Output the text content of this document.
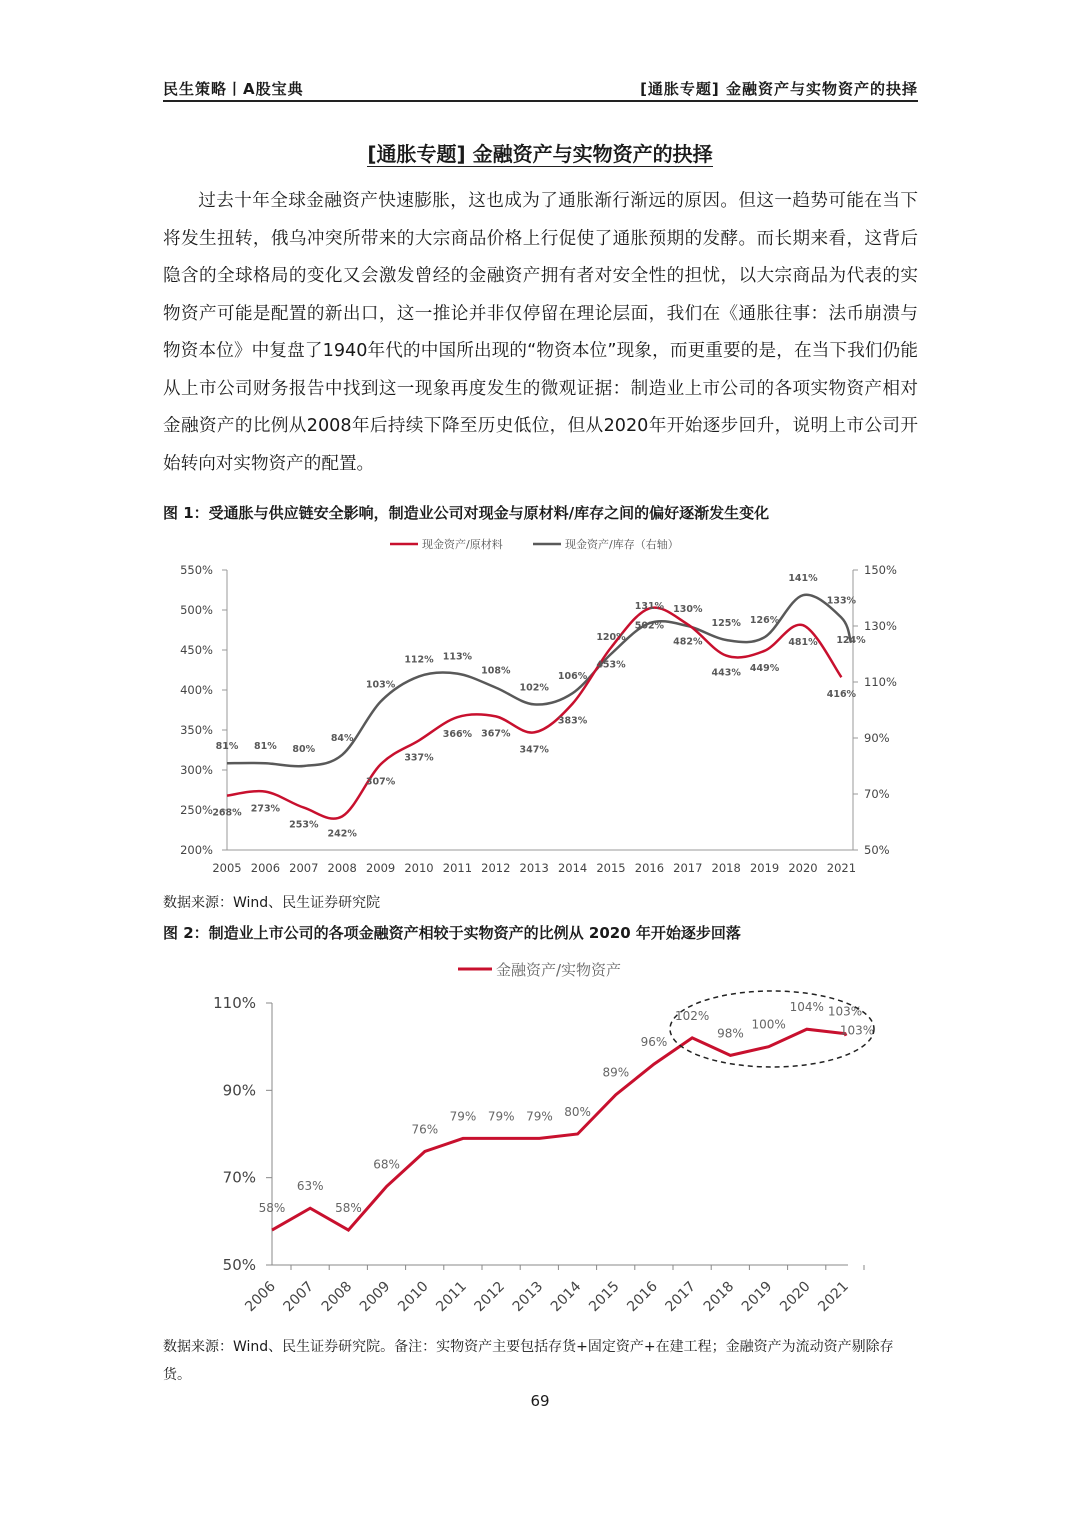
民生策略丨A股宝典	[通胀专题] 金融资产与实物资产的抉择
[通胀专题] 金融资产与实物资产的抉择
过去十年全球金融资产快速膨胀，这也成为了通胀渐行渐远的原因。但这一趋势可能在当下将发生扭转，俄乌冲突所带来的大宗商品价格上行促使了通胀预期的发酵。而长期来看，这背后隐含的全球格局的变化又会激发曾经的金融资产拥有者对安全性的担忧，以大宗商品为代表的实物资产可能是配置的新出口，这一推论并非仅停留在理论层面，我们在《通胀往事：法币崩溃与物资本位》中复盘了1940年代的中国所出现的“物资本位”现象，而更重要的是，在当下我们仍能从上市公司财务报告中找到这一现象再度发生的微观证据：制造业上市公司的各项实物资产相对金融资产的比例从2008年后持续下降至历史低位，但从2020年开始逐步回升，说明上市公司开始转向对实物资产的配置。
图 1：受通胀与供应链安全影响，制造业公司对现金与原材料/库存之间的偏好逐渐发生变化
现金资产/原材料	现金资产/库存（右轴）
200%
250%
300%
350%
400%
450%
500%
550%
50%
70%
90%
110%
130%
150%
2005 2006 2007 2008 2009 2010 2011 2012 2013 2014 2015 2016 2017 2018 2019 2020 2021
81% 81% 80%
84%
103%
112% 113%
108%
102%
106%
120%
131% 130%
125% 126%
141%
133%
124%
268% 273%
253%
242%
307%
337%
366% 367%
347%
383%
453%
502%
482%
443% 449%
481%
416%
数据来源：Wind、民生证券研究院
图 2：制造业上市公司的各项金融资产相较于实物资产的比例从 2020 年开始逐步回落
金融资产/实物资产
50%
70%
90%
110%
2006 2007 2008 2009 2010 2011 2012 2013 2014 2015 2016 2017 2018 2019 2020 2021
58%
63%
58%
68%
76%
79% 79% 79% 80%
89%
96%
102%
98%
100%
104% 103%
103%
数据来源：Wind、民生证券研究院。备注：实物资产主要包括存货+固定资产+在建工程；金融资产为流动资产剔除存货。
69
